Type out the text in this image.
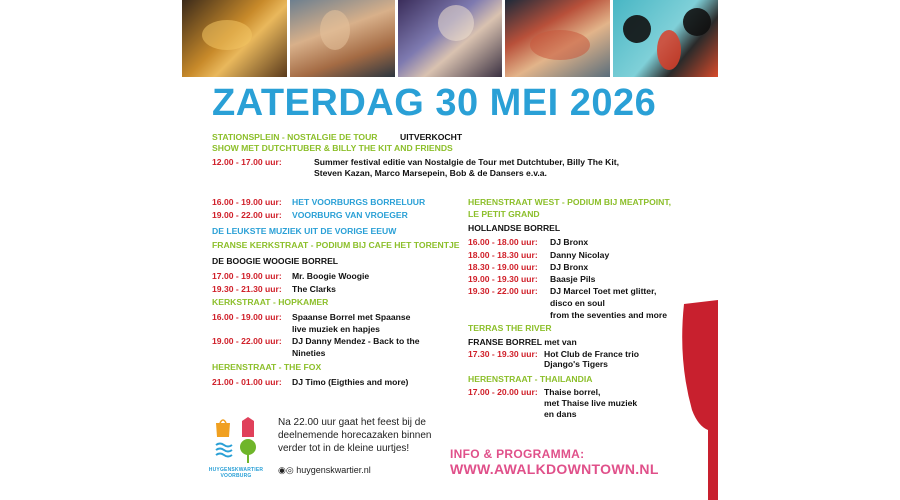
ZATERDAG 30 MEI 2026
STATIONSPLEIN - NOSTALGIE DE TOUR	UITVERKOCHT
SHOW MET DUTCHTUBER & BILLY THE KIT AND FRIENDS
12.00 - 17.00 uur:	Summer festival editie van Nostalgie de Tour met Dutchtuber, Billy The Kit,
Steven Kazan, Marco Marsepein, Bob & de Dansers e.v.a.
16.00 - 19.00 uur: HET VOORBURGS BORRELUUR
19.00 - 22.00 uur: VOORBURG VAN VROEGER
DE LEUKSTE MUZIEK UIT DE VORIGE EEUW
FRANSE KERKSTRAAT - PODIUM BIJ CAFE HET TORENTJE
DE BOOGIE WOOGIE BORREL
17.00 - 19.00 uur: Mr. Boogie Woogie
19.30 - 21.30 uur: The Clarks
KERKSTRAAT - HOPKAMER
16.00 - 19.00 uur: Spaanse Borrel met Spaanse
live muziek en hapjes
19.00 - 22.00 uur: DJ Danny Mendez - Back to the
Nineties
HERENSTRAAT - THE FOX
21.00 - 01.00 uur: DJ Timo (Eigthies and more)
HERENSTRAAT WEST - PODIUM BIJ MEATPOINT,
LE PETIT GRAND
HOLLANDSE BORREL
16.00 - 18.00 uur: DJ Bronx
18.00 - 18.30 uur: Danny Nicolay
18.30 - 19.00 uur: DJ Bronx
19.00 - 19.30 uur: Baasje Pils
19.30 - 22.00 uur: DJ Marcel Toet met glitter,
disco en soul
from the seventies and more
TERRAS THE RIVER
FRANSE BORREL met van
17.30 - 19.30 uur: Hot Club de France trio
Django's Tigers
HERENSTRAAT - THAILANDIA
17.00 - 20.00 uur: Thaise borrel,
met Thaise live muziek
en dans
HUYGENSKWARTIER
VOORBURG
Na 22.00 uur gaat het feest bij de
deelnemende horecazaken binnen
verder tot in de kleine uurtjes!
◉◎ huygenskwartier.nl
INFO & PROGRAMMA:
WWW.AWALKDOWNTOWN.NL
